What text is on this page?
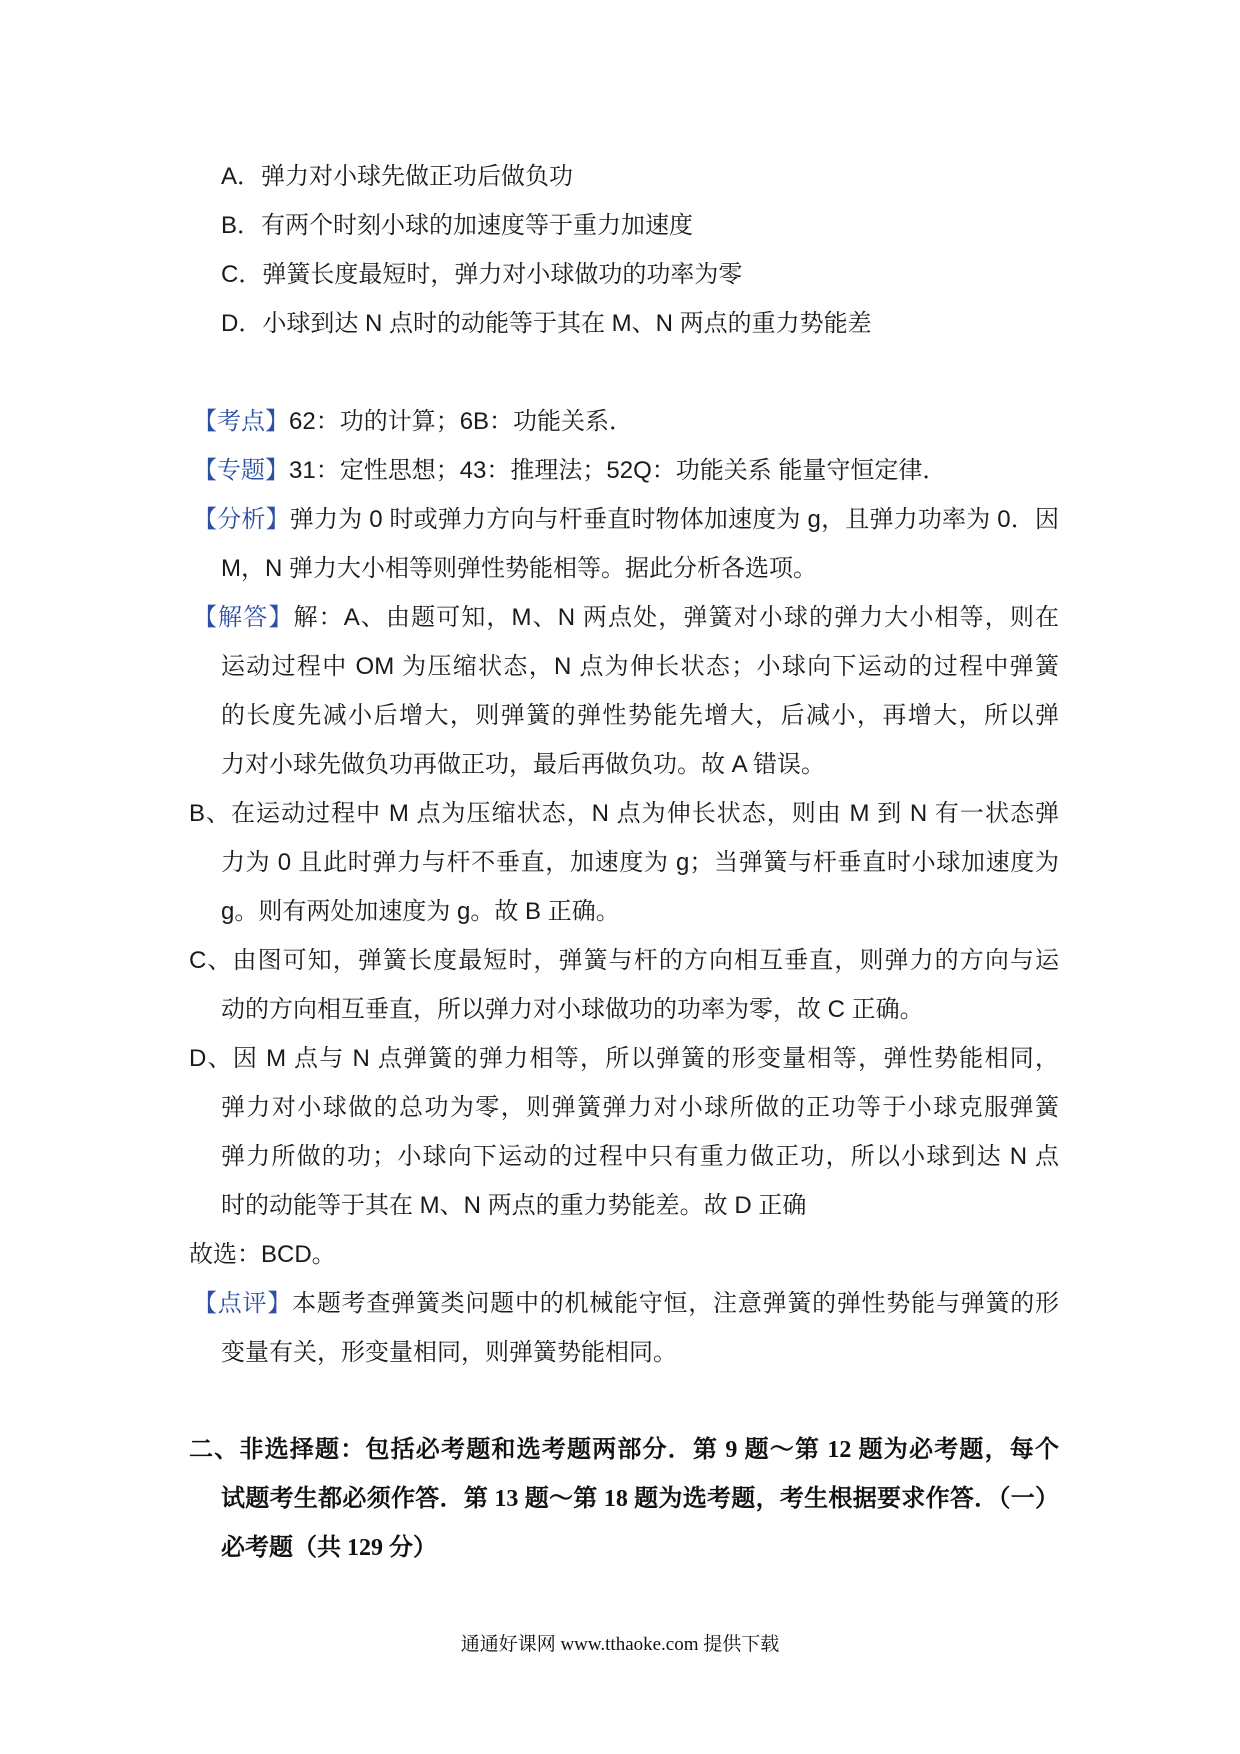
A．弹力对小球先做正功后做负功
B．有两个时刻小球的加速度等于重力加速度
C．弹簧长度最短时，弹力对小球做功的功率为零
D．小球到达 N 点时的动能等于其在 M、N 两点的重力势能差
【考点】62：功的计算；6B：功能关系．
【专题】31：定性思想；43：推理法；52Q：功能关系 能量守恒定律．
【分析】弹力为 0 时或弹力方向与杆垂直时物体加速度为 g，且弹力功率为 0．因
M，N 弹力大小相等则弹性势能相等。据此分析各选项。
【解答】解：A、由题可知，M、N 两点处，弹簧对小球的弹力大小相等，则在
运动过程中 OM 为压缩状态，N 点为伸长状态；小球向下运动的过程中弹簧
的长度先减小后增大，则弹簧的弹性势能先增大，后减小，再增大，所以弹
力对小球先做负功再做正功，最后再做负功。故 A 错误。
B、在运动过程中 M 点为压缩状态，N 点为伸长状态，则由 M 到 N 有一状态弹
力为 0 且此时弹力与杆不垂直，加速度为 g；当弹簧与杆垂直时小球加速度为
g。则有两处加速度为 g。故 B 正确。
C、由图可知，弹簧长度最短时，弹簧与杆的方向相互垂直，则弹力的方向与运
动的方向相互垂直，所以弹力对小球做功的功率为零，故 C 正确。
D、因 M 点与 N 点弹簧的弹力相等，所以弹簧的形变量相等，弹性势能相同，
弹力对小球做的总功为零，则弹簧弹力对小球所做的正功等于小球克服弹簧
弹力所做的功；小球向下运动的过程中只有重力做正功，所以小球到达 N 点
时的动能等于其在 M、N 两点的重力势能差。故 D 正确
故选：BCD。
【点评】本题考查弹簧类问题中的机械能守恒，注意弹簧的弹性势能与弹簧的形
变量有关，形变量相同，则弹簧势能相同。
二、非选择题：包括必考题和选考题两部分．第 9 题～第 12 题为必考题，每个
试题考生都必须作答．第 13 题～第 18 题为选考题，考生根据要求作答．（一）
必考题（共 129 分）
通通好课网 www.tthaoke.com 提供下载
